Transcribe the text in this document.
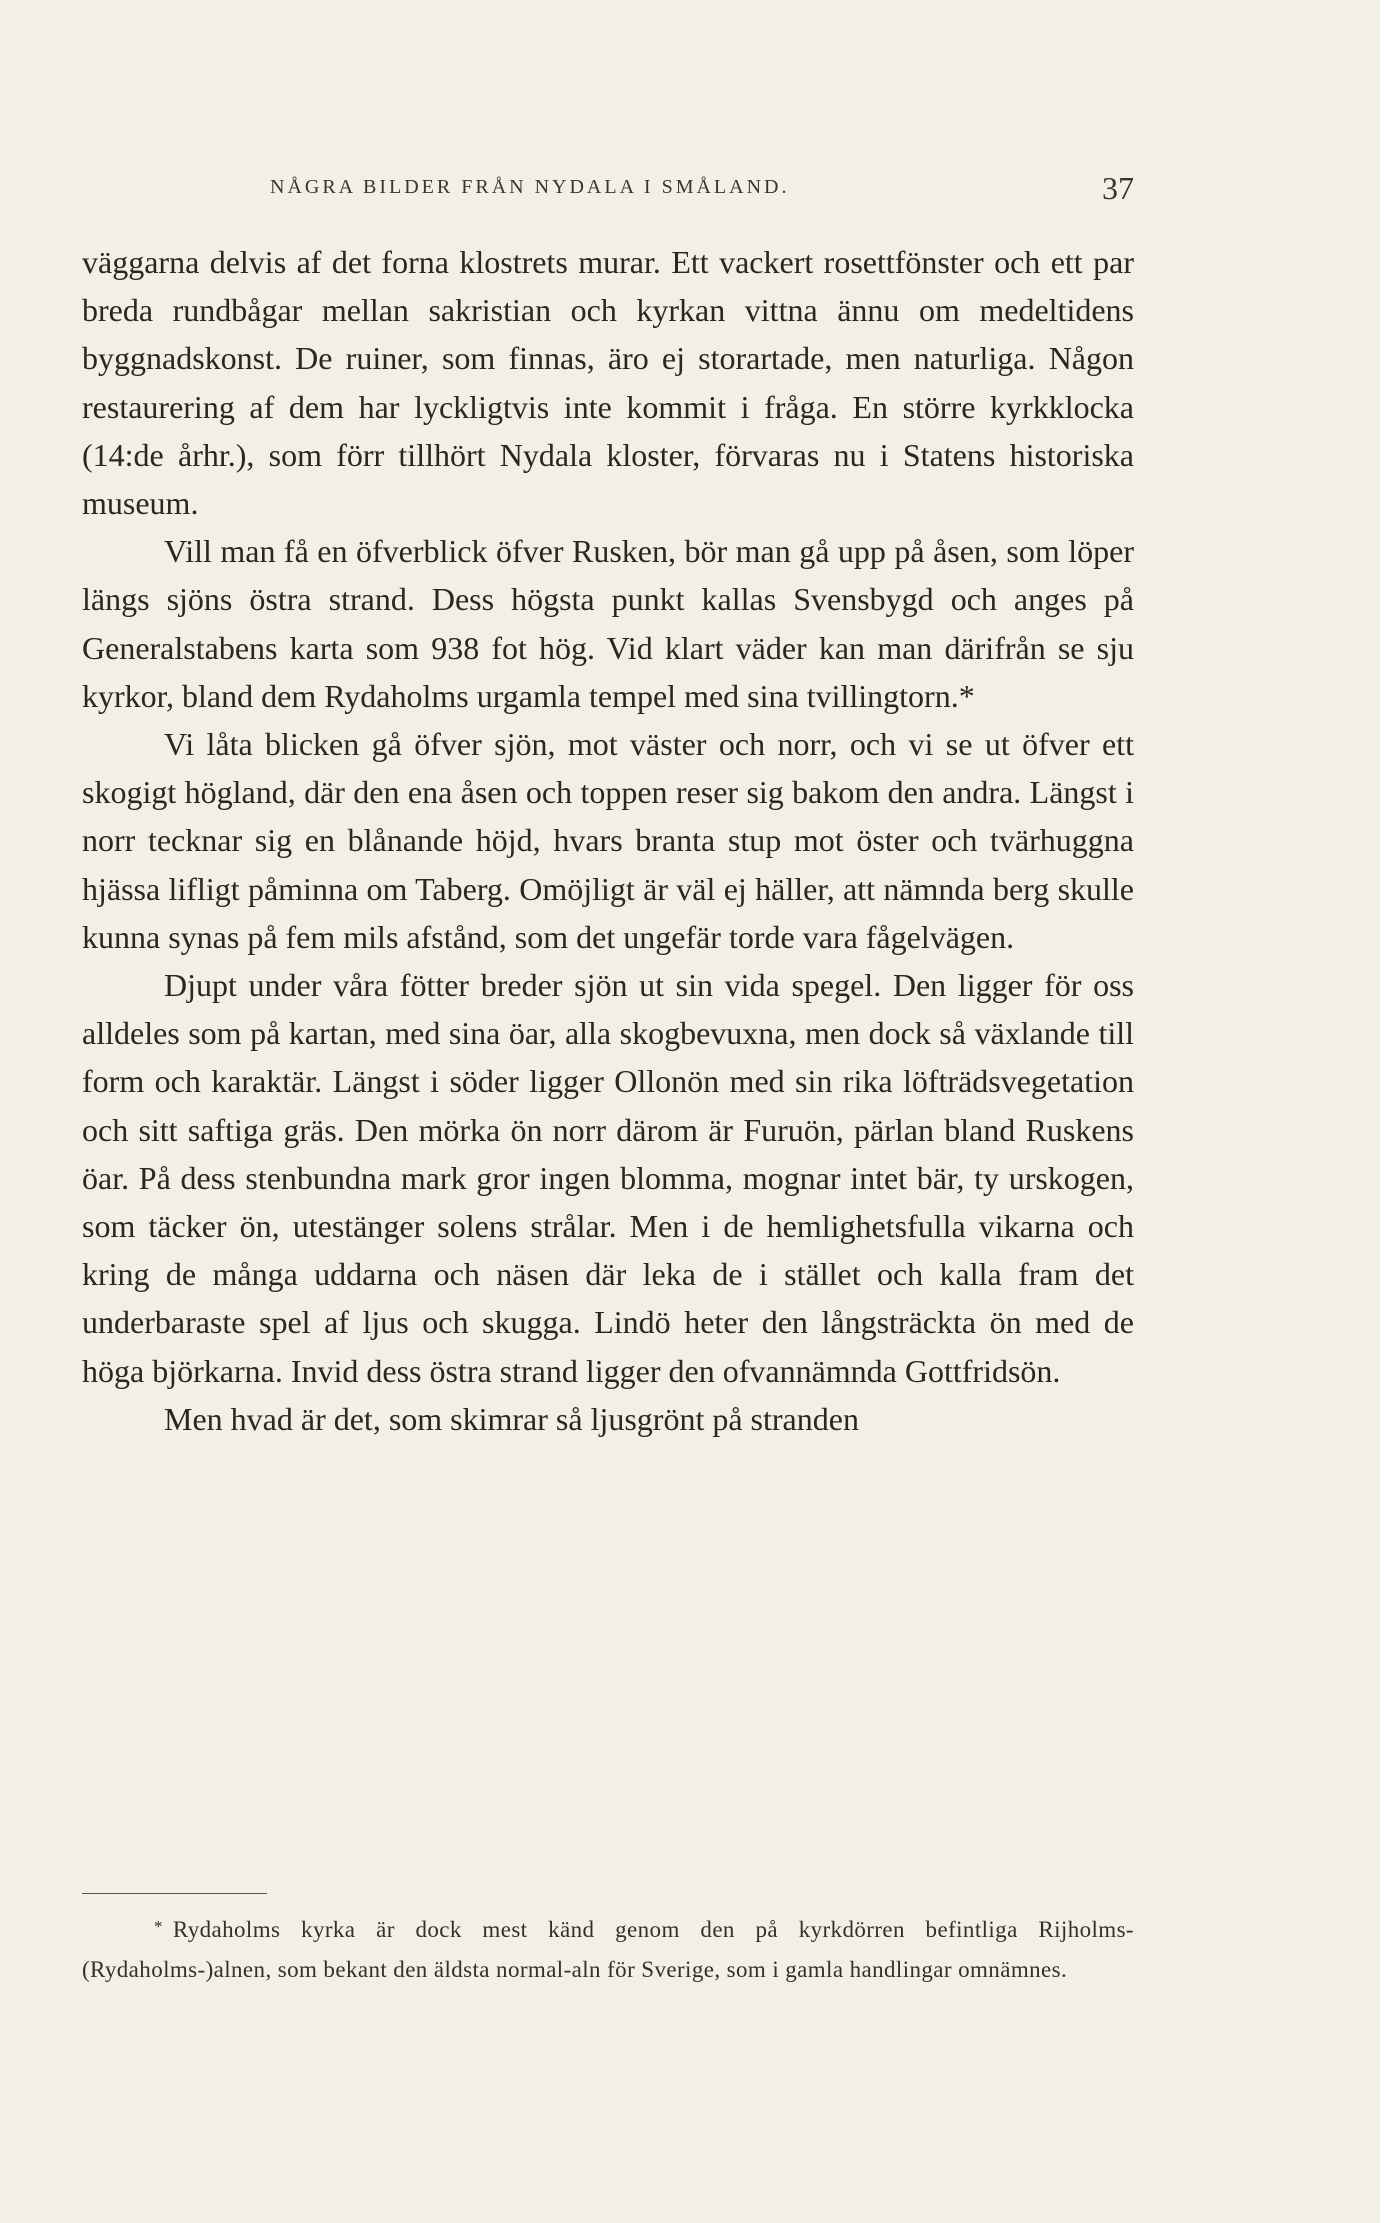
NÅGRA BILDER FRÅN NYDALA I SMÅLAND.	37

väggarna delvis af det forna klostrets murar. Ett vackert rosettfönster och ett par breda rundbågar mellan sakristian och kyrkan vittna ännu om medeltidens byggnadskonst. De ruiner, som finnas, äro ej storartade, men naturliga. Någon restaurering af dem har lyckligtvis inte kommit i fråga. En större kyrkklocka (14:de århr.), som förr tillhört Nydala kloster, förvaras nu i Statens historiska museum.

Vill man få en öfverblick öfver Rusken, bör man gå upp på åsen, som löper längs sjöns östra strand. Dess högsta punkt kallas Svensbygd och anges på Generalstabens karta som 938 fot hög. Vid klart väder kan man därifrån se sju kyrkor, bland dem Rydaholms urgamla tempel med sina tvillingtorn.*

Vi låta blicken gå öfver sjön, mot väster och norr, och vi se ut öfver ett skogigt högland, där den ena åsen och toppen reser sig bakom den andra. Längst i norr tecknar sig en blånande höjd, hvars branta stup mot öster och tvärhuggna hjässa lifligt påminna om Taberg. Omöjligt är väl ej häller, att nämnda berg skulle kunna synas på fem mils afstånd, som det ungefär torde vara fågelvägen.

Djupt under våra fötter breder sjön ut sin vida spegel. Den ligger för oss alldeles som på kartan, med sina öar, alla skogbevuxna, men dock så växlande till form och karaktär. Längst i söder ligger Ollonön med sin rika löfträdsvegetation och sitt saftiga gräs. Den mörka ön norr därom är Furuön, pärlan bland Ruskens öar. På dess stenbundna mark gror ingen blomma, mognar intet bär, ty urskogen, som täcker ön, utestänger solens strålar. Men i de hemlighetsfulla vikarna och kring de många uddarna och näsen där leka de i stället och kalla fram det underbaraste spel af ljus och skugga. Lindö heter den långsträckta ön med de höga björkarna. Invid dess östra strand ligger den ofvannämnda Gottfridsön.

Men hvad är det, som skimrar så ljusgrönt på stranden

* Rydaholms kyrka är dock mest känd genom den på kyrkdörren befintliga Rijholms- (Rydaholms-)alnen, som bekant den äldsta normal-aln för Sverige, som i gamla handlingar omnämnes.
